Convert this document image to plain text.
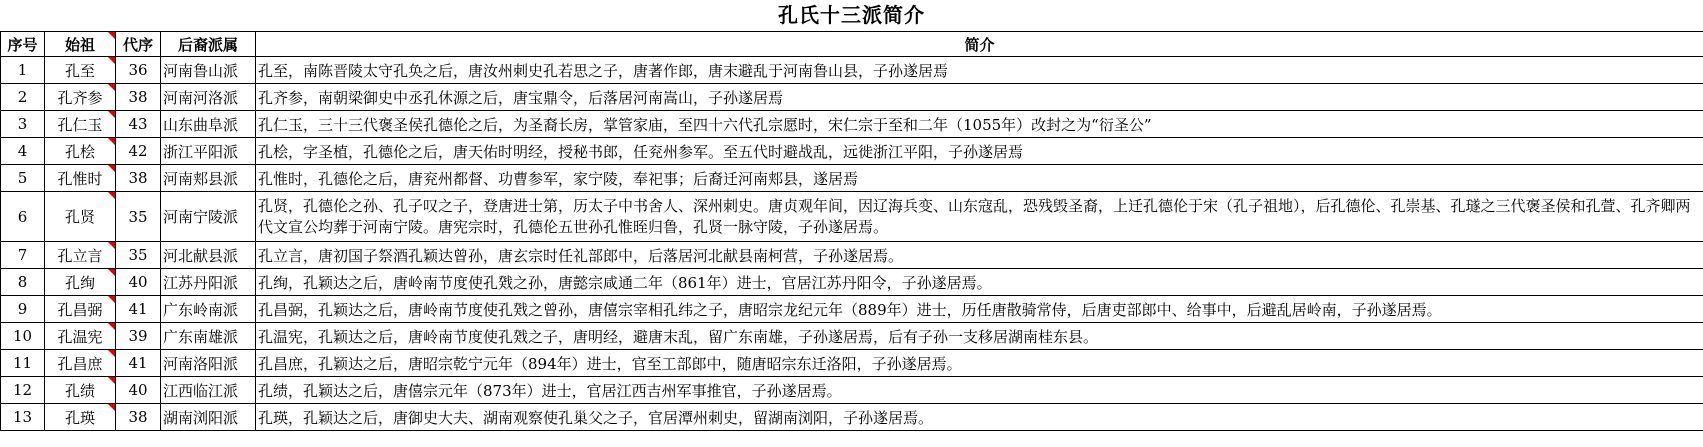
孔氏十三派简介
序号	始祖	代序	后裔派属	简介
1	孔至	36	河南鲁山派	孔至，南陈晋陵太守孔奂之后，唐汝州刺史孔若思之子，唐著作郎，唐末避乱于河南鲁山县，子孙遂居焉
2	孔齐参	38	河南河洛派	孔齐参，南朝梁御史中丞孔休源之后，唐宝鼎令，后落居河南嵩山，子孙遂居焉
3	孔仁玉	43	山东曲阜派	孔仁玉，三十三代褒圣侯孔德伦之后，为圣裔长房，掌管家庙，至四十六代孔宗愿时，宋仁宗于至和二年（1055年）改封之为“衍圣公”
4	孔桧	42	浙江平阳派	孔桧，字圣植，孔德伦之后，唐天佑时明经，授秘书郎，任兖州参军。至五代时避战乱，远徙浙江平阳，子孙遂居焉
5	孔惟时	38	河南郏县派	孔惟时，孔德伦之后，唐兖州都督、功曹参军，家宁陵，奉祀事；后裔迁河南郏县，遂居焉
6	孔贤	35	河南宁陵派	孔贤，孔德伦之孙、孔子叹之子，登唐进士第，历太子中书舍人、深州刺史。唐贞观年间，因辽海兵变、山东寇乱，恐残毁圣裔，上迁孔德伦于宋（孔子祖地），后孔德伦、孔崇基、孔璲之三代褒圣侯和孔萱、孔齐卿两代文宣公均葬于河南宁陵。唐宪宗时，孔德伦五世孙孔惟晊归鲁，孔贤一脉守陵，子孙遂居焉。
7	孔立言	35	河北献县派	孔立言，唐初国子祭酒孔颖达曾孙，唐玄宗时任礼部郎中，后落居河北献县南柯营，子孙遂居焉。
8	孔绚	40	江苏丹阳派	孔绚，孔颖达之后，唐岭南节度使孔戣之孙，唐懿宗咸通二年（861年）进士，官居江苏丹阳令，子孙遂居焉。
9	孔昌弼	41	广东岭南派	孔昌弼，孔颖达之后，唐岭南节度使孔戣之曾孙，唐僖宗宰相孔纬之子，唐昭宗龙纪元年（889年）进士，历任唐散骑常侍，后唐吏部郎中、给事中，后避乱居岭南，子孙遂居焉。
10	孔温宪	39	广东南雄派	孔温宪，孔颖达之后，唐岭南节度使孔戣之子，唐明经，避唐末乱，留广东南雄，子孙遂居焉，后有子孙一支移居湖南桂东县。
11	孔昌庶	41	河南洛阳派	孔昌庶，孔颖达之后，唐昭宗乾宁元年（894年）进士，官至工部郎中，随唐昭宗东迁洛阳，子孙遂居焉。
12	孔绩	40	江西临江派	孔绩，孔颖达之后，唐僖宗元年（873年）进士，官居江西吉州军事推官，子孙遂居焉。
13	孔瑛	38	湖南浏阳派	孔瑛，孔颖达之后，唐御史大夫、湖南观察使孔巢父之子，官居潭州刺史，留湖南浏阳，子孙遂居焉。
